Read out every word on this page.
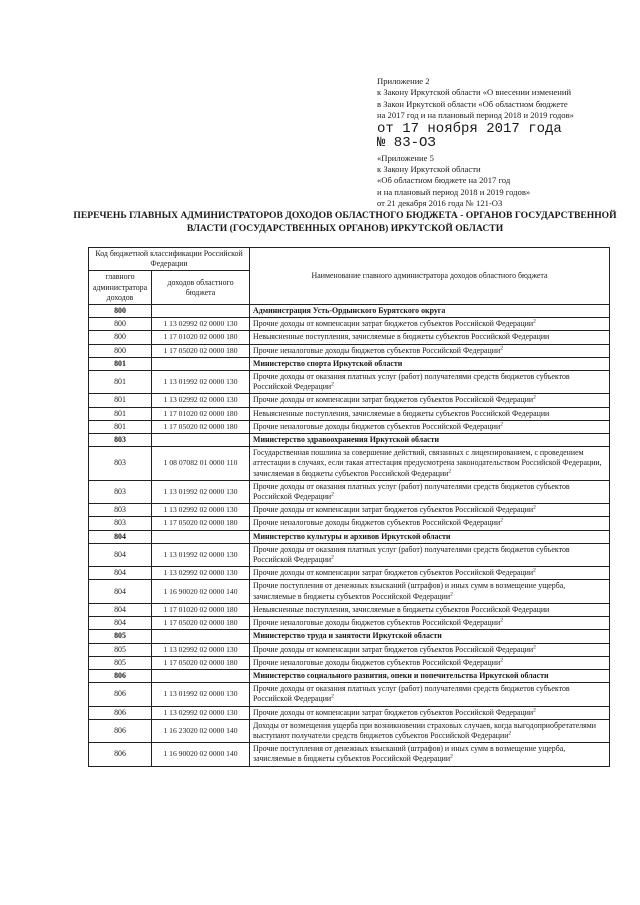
Приложение 2
к Закону Иркутской области «О внесении изменений
в Закон Иркутской области «Об областном бюджете
на 2017 год и на плановый период 2018 и 2019 годов»
от 17 ноября 2017 года
№ 83-ОЗ
«Приложение 5
к Закону Иркутской области
«Об областном бюджете на 2017 год
и на плановый период 2018 и 2019 годов»
от 21 декабря 2016 года № 121-ОЗ
ПЕРЕЧЕНЬ ГЛАВНЫХ АДМИНИСТРАТОРОВ ДОХОДОВ ОБЛАСТНОГО БЮДЖЕТА - ОРГАНОВ ГОСУДАРСТВЕННОЙ ВЛАСТИ (ГОСУДАРСТВЕННЫХ ОРГАНОВ) ИРКУТСКОЙ ОБЛАСТИ
Код бюджетной классификации Российской Федерации		Наименование главного администратора доходов областного бюджета
главного администратора доходов	доходов областного бюджета	
800		Администрация Усть-Ордынского Бурятского округа
800	1 13 02992 02 0000 130	Прочие доходы от компенсации затрат бюджетов субъектов Российской Федерации$^2$
800	1 17 01020 02 0000 180	Невыясненные поступления, зачисляемые в бюджеты субъектов Российской Федерации
800	1 17 05020 02 0000 180	Прочие неналоговые доходы бюджетов субъектов Российской Федерации$^2$
801		Министерство спорта Иркутской области
801	1 13 01992 02 0000 130	Прочие доходы от оказания платных услуг (работ) получателями средств бюджетов субъектов Российской Федерации$^2$
801	1 13 02992 02 0000 130	Прочие доходы от компенсации затрат бюджетов субъектов Российской Федерации$^2$
801	1 17 01020 02 0000 180	Невыясненные поступления, зачисляемые в бюджеты субъектов Российской Федерации
801	1 17 05020 02 0000 180	Прочие неналоговые доходы бюджетов субъектов Российской Федерации$^2$
803		Министерство здравоохранения Иркутской области
803	1 08 07082 01 0000 110	Государственная пошлина за совершение действий, связанных с лицензированием, с проведением аттестации в случаях, если такая аттестация предусмотрена законодательством Российской Федерации, зачисляемая в бюджеты субъектов Российской Федерации$^2$
803	1 13 01992 02 0000 130	Прочие доходы от оказания платных услуг (работ) получателями средств бюджетов субъектов Российской Федерации$^2$
803	1 13 02992 02 0000 130	Прочие доходы от компенсации затрат бюджетов субъектов Российской Федерации$^2$
803	1 17 05020 02 0000 180	Прочие неналоговые доходы бюджетов субъектов Российской Федерации$^2$
804		Министерство культуры и архивов Иркутской области
804	1 13 01992 02 0000 130	Прочие доходы от оказания платных услуг (работ) получателями средств бюджетов субъектов Российской Федерации$^2$
804	1 13 02992 02 0000 130	Прочие доходы от компенсации затрат бюджетов субъектов Российской Федерации$^2$
804	1 16 90020 02 0000 140	Прочие поступления от денежных взысканий (штрафов) и иных сумм в возмещение ущерба, зачисляемые в бюджеты субъектов Российской Федерации$^2$
804	1 17 01020 02 0000 180	Невыясненные поступления, зачисляемые в бюджеты субъектов Российской Федерации
804	1 17 05020 02 0000 180	Прочие неналоговые доходы бюджетов субъектов Российской Федерации$^2$
805		Министерство труда и занятости Иркутской области
805	1 13 02992 02 0000 130	Прочие доходы от компенсации затрат бюджетов субъектов Российской Федерации$^2$
805	1 17 05020 02 0000 180	Прочие неналоговые доходы бюджетов субъектов Российской Федерации$^2$
806		Министерство социального развития, опеки и попечительства Иркутской области
806	1 13 01992 02 0000 130	Прочие доходы от оказания платных услуг (работ) получателями средств бюджетов субъектов Российской Федерации$^2$
806	1 13 02992 02 0000 130	Прочие доходы от компенсации затрат бюджетов субъектов Российской Федерации$^2$
806	1 16 23020 02 0000 140	Доходы от возмещения ущерба при возникновении страховых случаев, когда выгодоприобретателями выступают получатели средств бюджетов субъектов Российской Федерации$^2$
806	1 16 90020 02 0000 140	Прочие поступления от денежных взысканий (штрафов) и иных сумм в возмещение ущерба, зачисляемые в бюджеты субъектов Российской Федерации$^2$
